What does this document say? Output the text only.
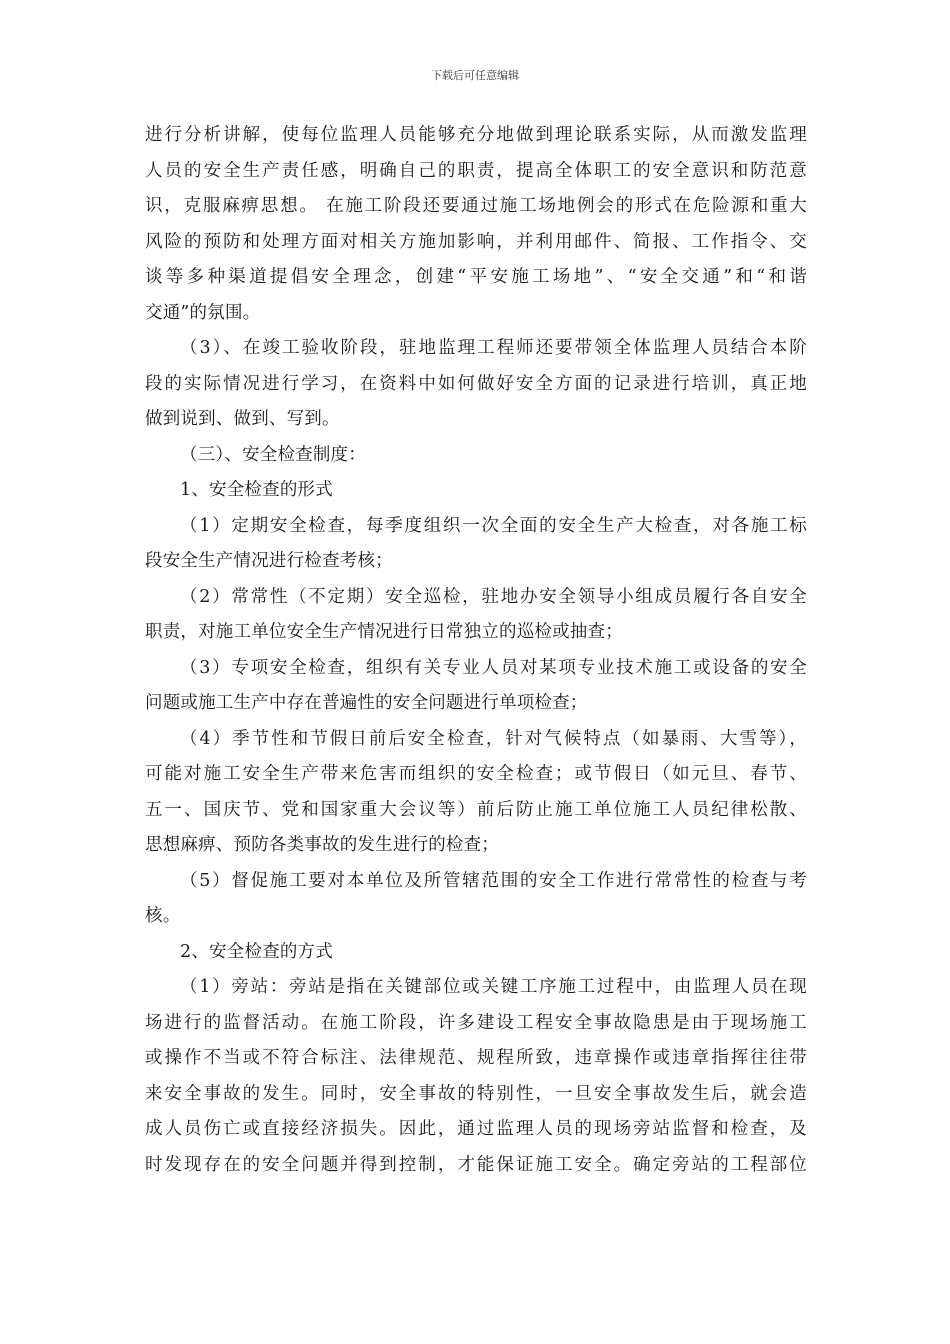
下载后可任意编辑
进行分析讲解，使每位监理人员能够充分地做到理论联系实际，从而激发监理
人员的安全生产责任感，明确自己的职责，提高全体职工的安全意识和防范意
识，克服麻痹思想。 在施工阶段还要通过施工场地例会的形式在危险源和重大
风险的预防和处理方面对相关方施加影响，并利用邮件、简报、工作指令、交
谈等多种渠道提倡安全理念，创建“平安施工场地”、“安全交通”和“和谐
交通”的氛围。
（3）、在竣工验收阶段，驻地监理工程师还要带领全体监理人员结合本阶
段的实际情况进行学习，在资料中如何做好安全方面的记录进行培训，真正地
做到说到、做到、写到。
（三）、安全检查制度：
1、安全检查的形式
（1）定期安全检查，每季度组织一次全面的安全生产大检查，对各施工标
段安全生产情况进行检查考核；
（2）常常性（不定期）安全巡检，驻地办安全领导小组成员履行各自安全
职责，对施工单位安全生产情况进行日常独立的巡检或抽查；
（3）专项安全检查，组织有关专业人员对某项专业技术施工或设备的安全
问题或施工生产中存在普遍性的安全问题进行单项检查；
（4）季节性和节假日前后安全检查，针对气候特点（如暴雨、大雪等），
可能对施工安全生产带来危害而组织的安全检查；或节假日（如元旦、春节、
五一、国庆节、党和国家重大会议等）前后防止施工单位施工人员纪律松散、
思想麻痹、预防各类事故的发生进行的检查；
（5）督促施工要对本单位及所管辖范围的安全工作进行常常性的检查与考
核。
2、安全检查的方式
（1）旁站：旁站是指在关键部位或关键工序施工过程中，由监理人员在现
场进行的监督活动。在施工阶段，许多建设工程安全事故隐患是由于现场施工
或操作不当或不符合标注、法律规范、规程所致，违章操作或违章指挥往往带
来安全事故的发生。同时，安全事故的特别性，一旦安全事故发生后，就会造
成人员伤亡或直接经济损失。因此，通过监理人员的现场旁站监督和检查，及
时发现存在的安全问题并得到控制，才能保证施工安全。确定旁站的工程部位
